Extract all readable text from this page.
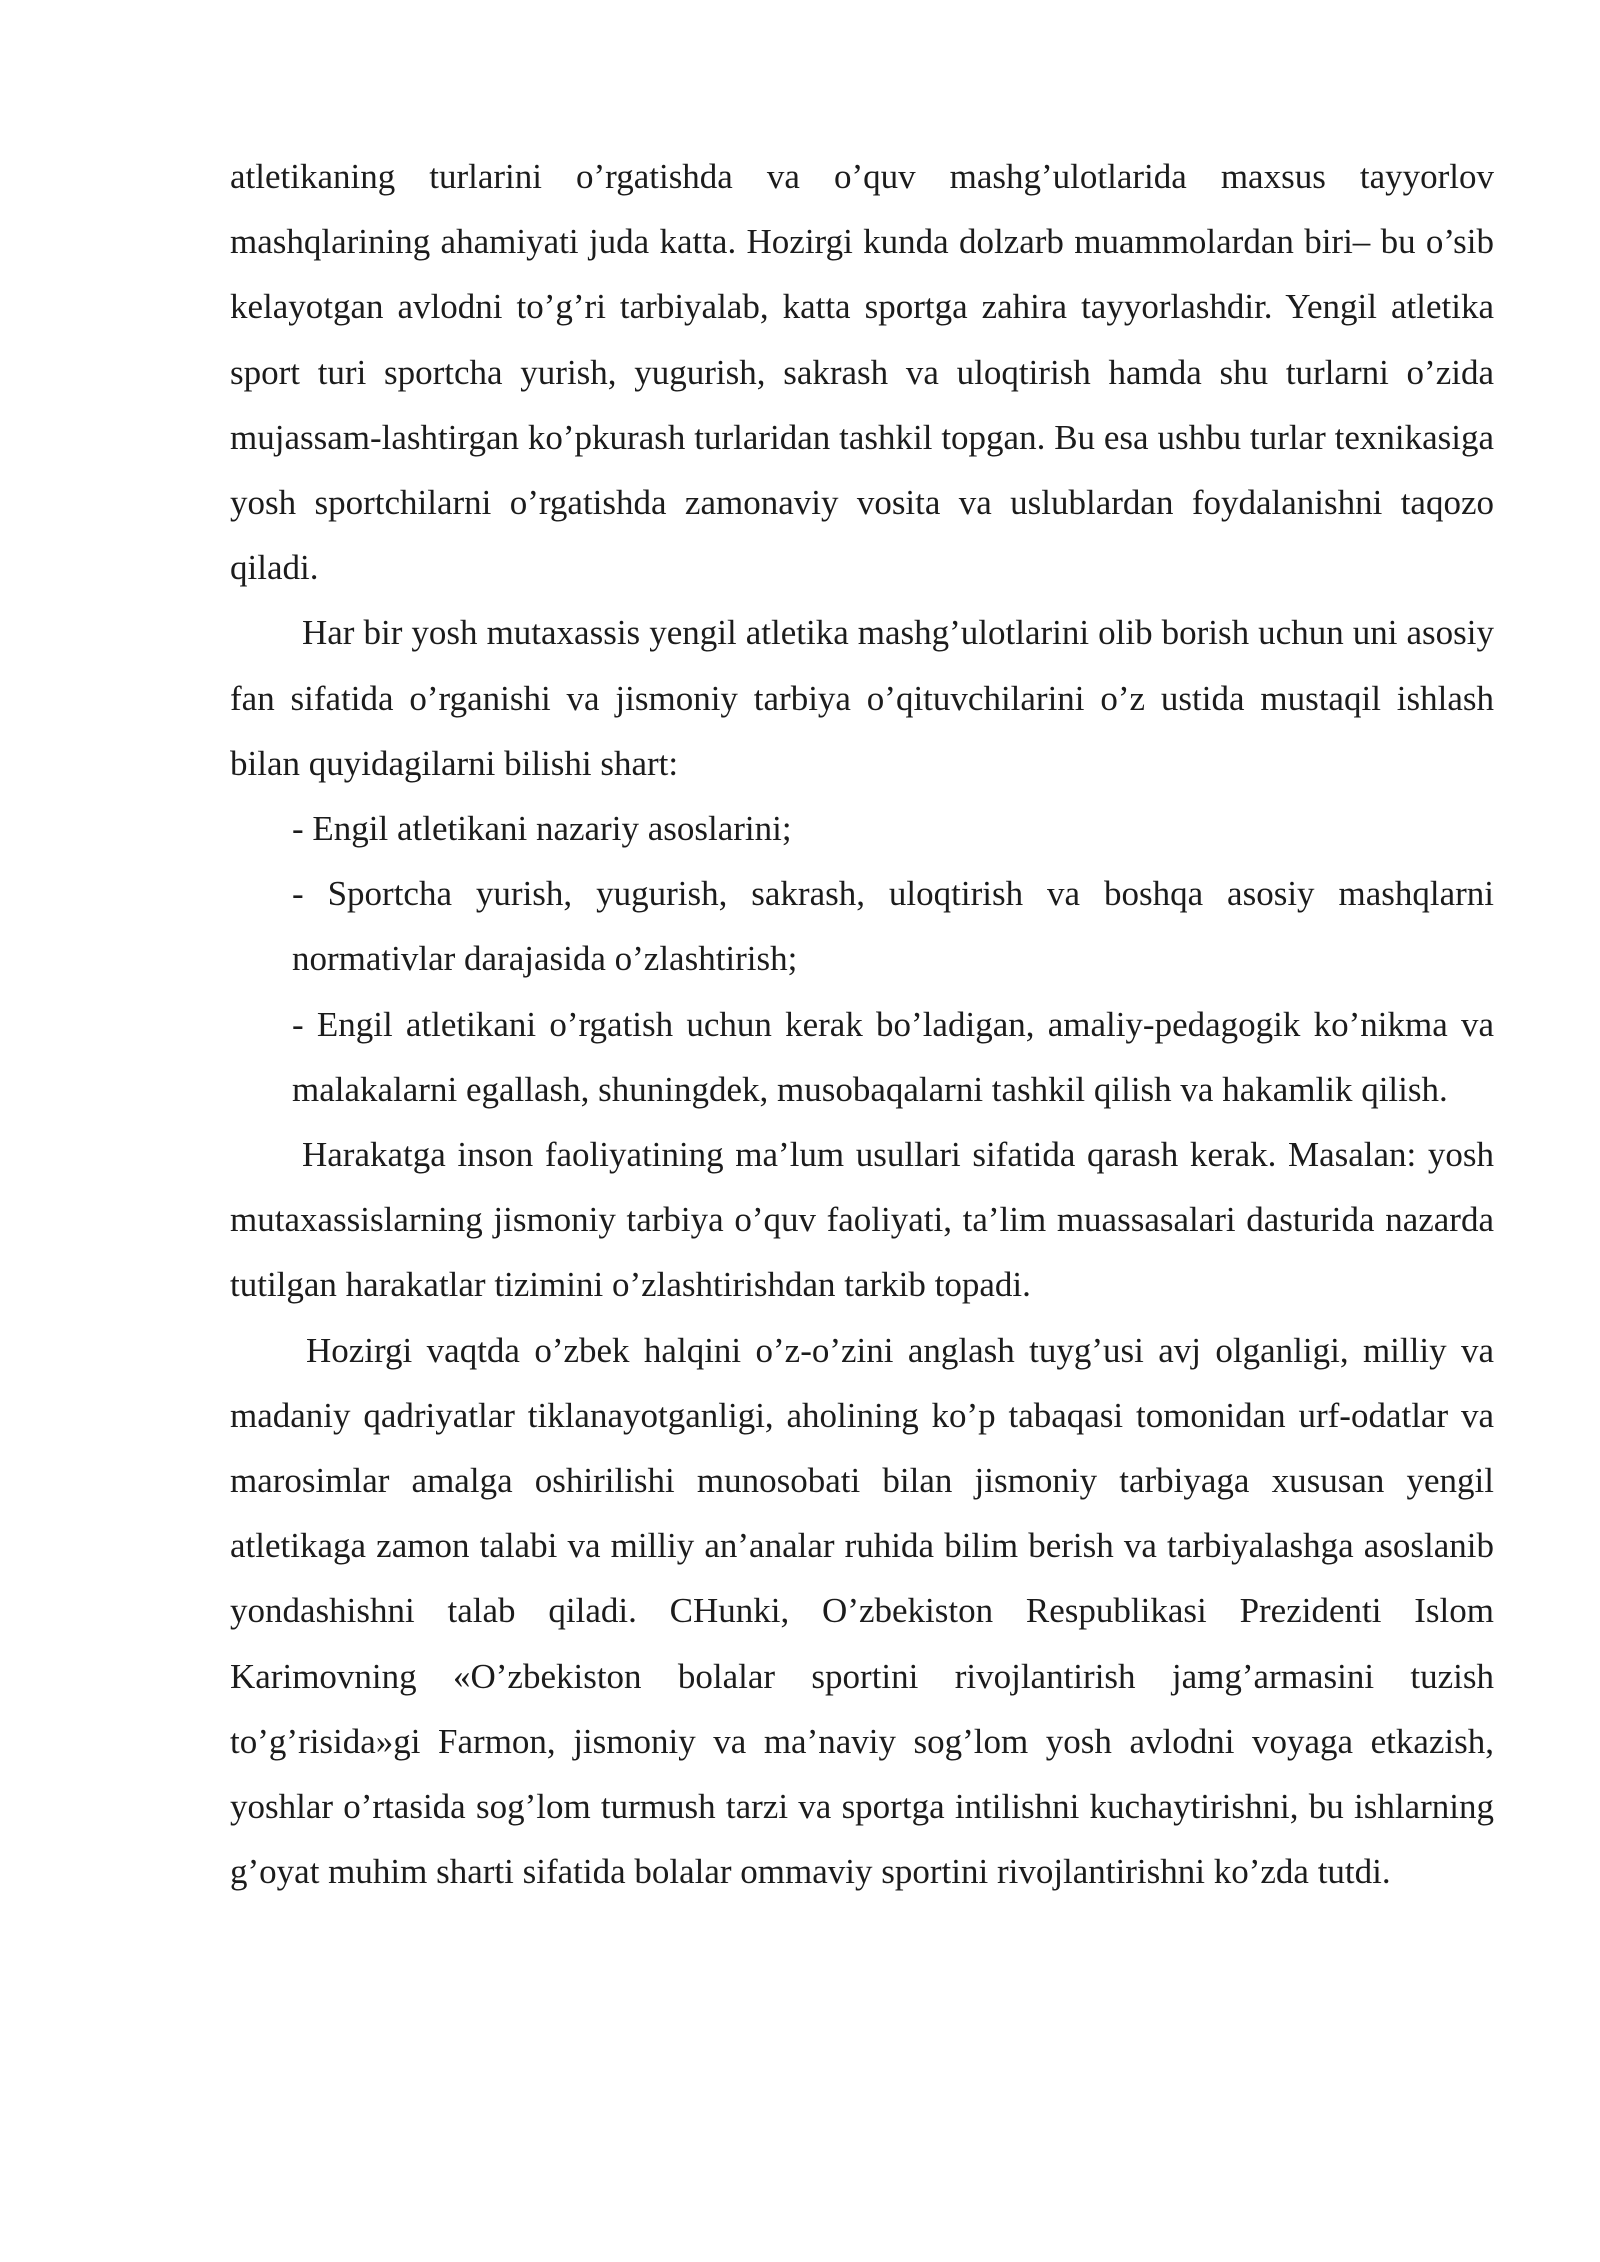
atletikaning turlarini o’rgatishda va o’quv mashg’ulotlarida maxsus tayyorlov mashqlarining ahamiyati juda katta. Hozirgi kunda dolzarb muammolardan biri– bu o’sib kelayotgan avlodni to’g’ri tarbiyalab, katta sportga zahira tayyorlashdir. Yengil atletika sport turi sportcha yurish, yugurish, sakrash va uloqtirish hamda shu turlarni o’zida mujassam-lashtirgan ko’pkurash turlaridan tashkil topgan. Bu esa ushbu turlar texnikasiga yosh sportchilarni o’rgatishda zamonaviy vosita va uslublardan foydalanishni taqozo qiladi.

Har bir yosh mutaxassis yengil atletika mashg’ulotlarini olib borish uchun uni asosiy fan sifatida o’rganishi va jismoniy tarbiya o’qituvchilarini o’z ustida mustaqil ishlash bilan quyidagilarni bilishi shart:

- Engil atletikani nazariy asoslarini;
- Sportcha yurish, yugurish, sakrash, uloqtirish va boshqa asosiy mashqlarni normativlar darajasida o’zlashtirish;
- Engil atletikani o’rgatish uchun kerak bo’ladigan, amaliy-pedagogik ko’nikma va malakalarni egallash, shuningdek, musobaqalarni tashkil qilish va hakamlik qilish.

Harakatga inson faoliyatining ma’lum usullari sifatida qarash kerak. Masalan: yosh mutaxassislarning jismoniy tarbiya o’quv faoliyati, ta’lim muassasalari dasturida nazarda tutilgan harakatlar tizimini o’zlashtirishdan tarkib topadi.

Hozirgi vaqtda o’zbek halqini o’z-o’zini anglash tuyg’usi avj olganligi, milliy va madaniy qadriyatlar tiklanayotganligi, aholining ko’p tabaqasi tomonidan urf-odatlar va marosimlar amalga oshirilishi munosobati bilan jismoniy tarbiyaga xususan yengil atletikaga zamon talabi va milliy an’analar ruhida bilim berish va tarbiyalashga asoslanib yondashishni talab qiladi. CHunki, O’zbekiston Respublikasi Prezidenti Islom Karimovning «O’zbekiston bolalar sportini rivojlantirish jamg’armasini tuzish to’g’risida»gi Farmon, jismoniy va ma’naviy sog’lom yosh avlodni voyaga etkazish, yoshlar o’rtasida sog’lom turmush tarzi va sportga intilishni kuchaytirishni, bu ishlarning g’oyat muhim sharti sifatida bolalar ommaviy sportini rivojlantirishni ko’zda tutdi.
